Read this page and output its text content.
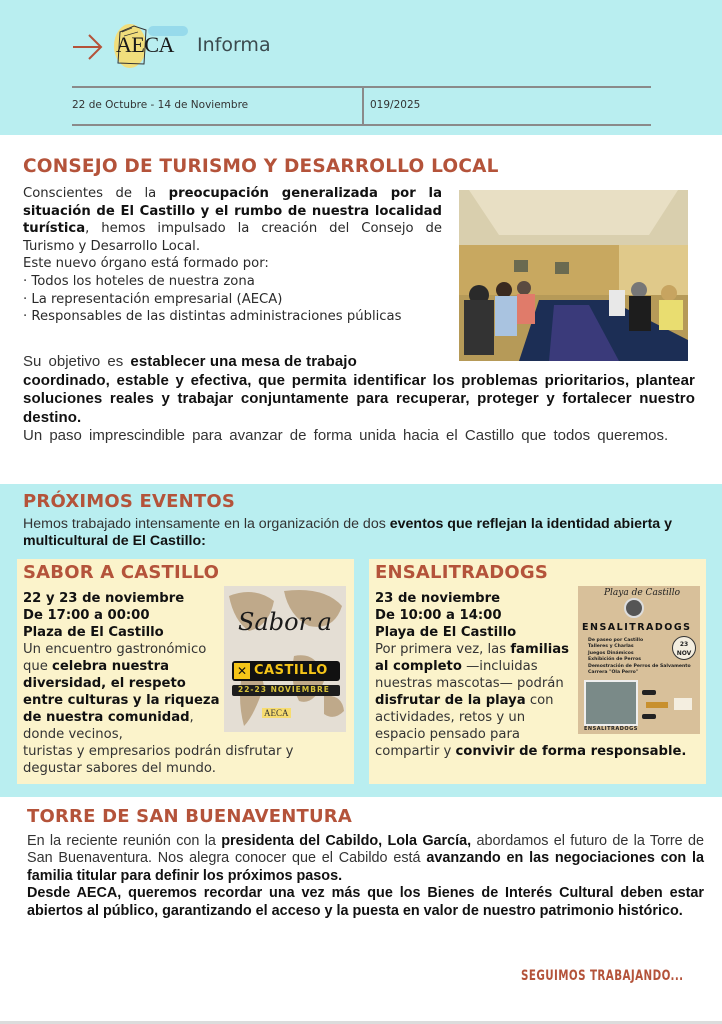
AECA Informa
22 de Octubre - 14 de Noviembre	019/2025
CONSEJO DE TURISMO Y DESARROLLO LOCAL
Conscientes de la preocupación generalizada por la situación de El Castillo y el rumbo de nuestra localidad turística, hemos impulsado la creación del Consejo de Turismo y Desarrollo Local.
Este nuevo órgano está formado por:
· Todos los hoteles de nuestra zona
· La representación empresarial (AECA)
· Responsables de las distintas administraciones públicas
Su objetivo es establecer una mesa de trabajo
coordinado, estable y efectiva, que permita identificar los problemas prioritarios, plantear soluciones reales y trabajar conjuntamente para recuperar, proteger y fortalecer nuestro destino.
Un paso imprescindible para avanzar de forma unida hacia el Castillo que todos queremos.
PRÓXIMOS EVENTOS

Hemos trabajado intensamente en la organización de dos eventos que reflejan la identidad abierta y multicultural de El Castillo:

SABOR A CASTILLO
22 y 23 de noviembre
De 17:00 a 00:00
Plaza de El Castillo
Un encuentro gastronómico que celebra nuestra diversidad, el respeto entre culturas y la riqueza de nuestra comunidad, donde vecinos,
turistas y empresarios podrán disfrutar y degustar sabores del mundo.
Sabor a
✕ CASTILLO
22-23 NOVIEMBRE
AECA
ENSALITRADOGS
23 de noviembre
De 10:00 a 14:00
Playa de El Castillo
Por primera vez, las familias al completo —incluidas nuestras mascotas— podrán disfrutar de la playa con actividades, retos y un espacio pensado para
compartir y convivir de forma responsable.
Playa de Castillo
ENSALITRADOGS
23 NOV
De paseo por Castillo
Talleres y Charlas
Juegos Dinámicos
Exhibición de Perros
Demostración de Perros de Salvamento
Carrera "Ola Perro"
ENSALITRADOGS
TORRE DE SAN BUENAVENTURA
En la reciente reunión con la presidenta del Cabildo, Lola García, abordamos el futuro de la Torre de San Buenaventura. Nos alegra conocer que el Cabildo está avanzando en las negociaciones con la familia titular para definir los próximos pasos.
Desde AECA, queremos recordar una vez más que los Bienes de Interés Cultural deben estar abiertos al público, garantizando el acceso y la puesta en valor de nuestro patrimonio histórico.
SEGUIMOS TRABAJANDO...
